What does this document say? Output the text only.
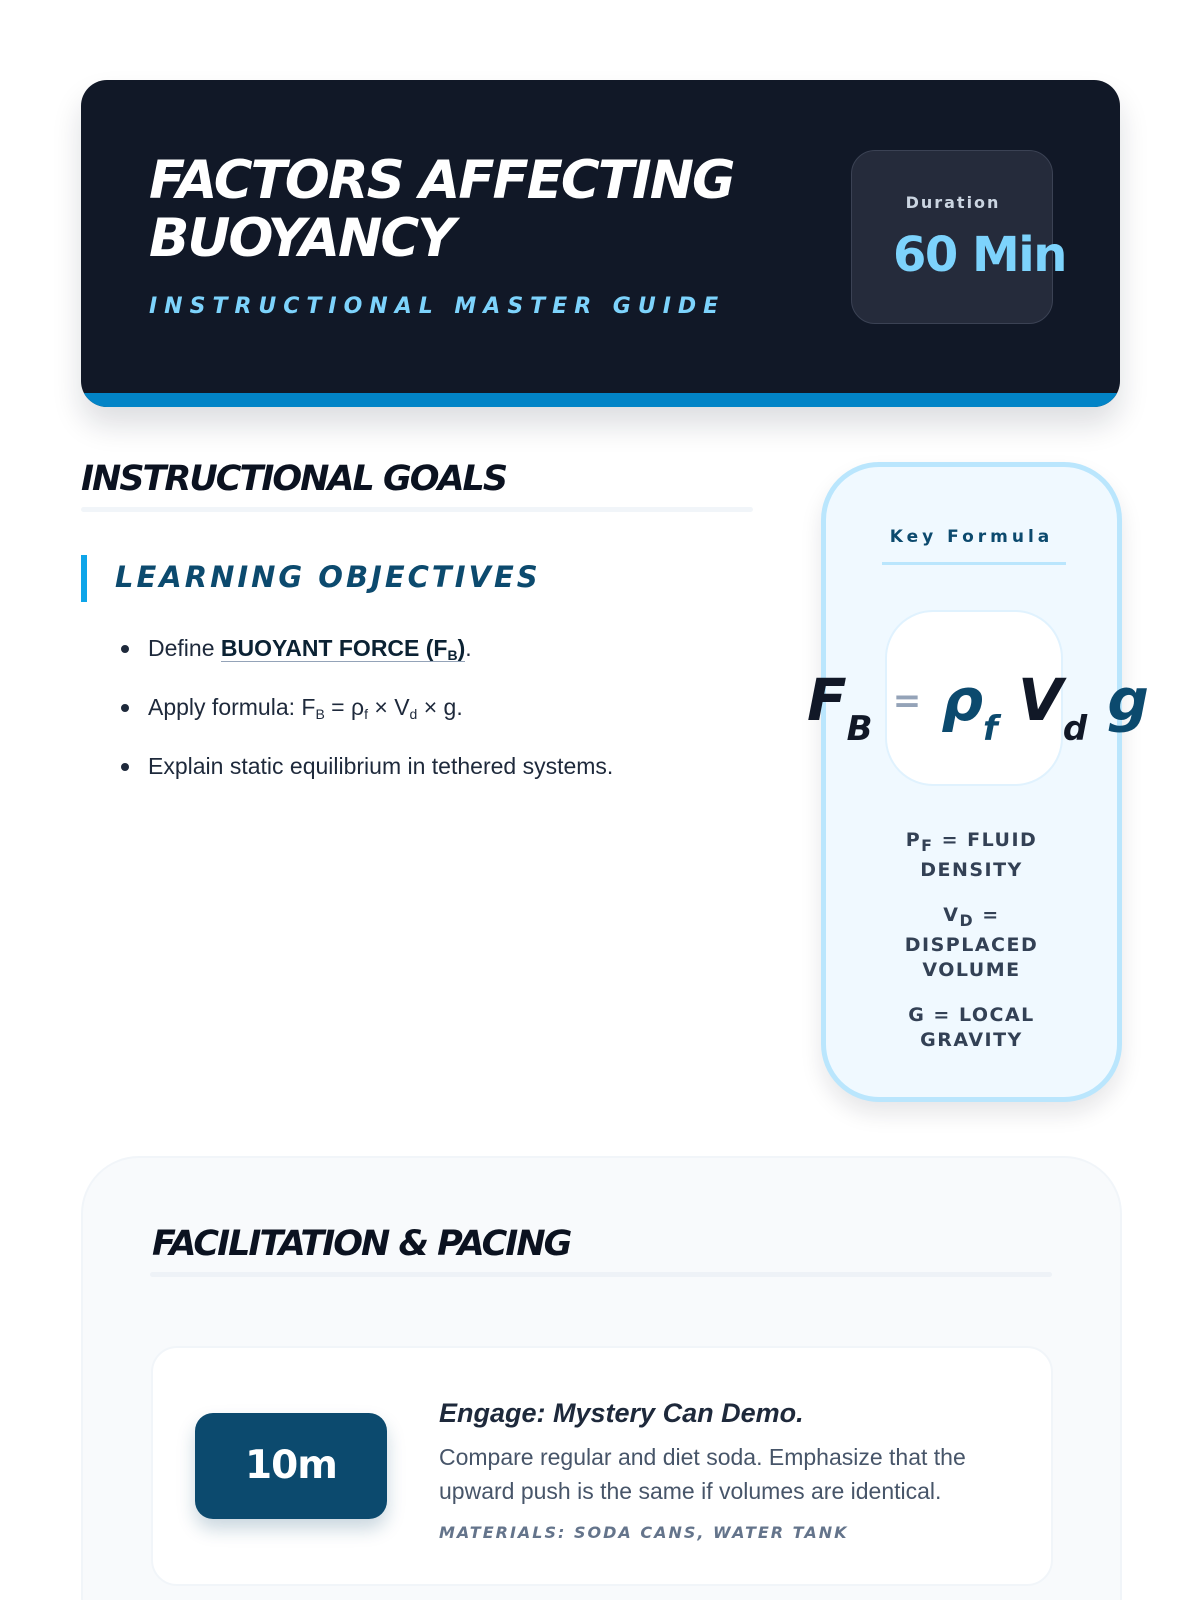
FACTORS AFFECTING BUOYANCY
INSTRUCTIONAL MASTER GUIDE
Duration
60 Min
INSTRUCTIONAL GOALS
LEARNING OBJECTIVES
Define BUOYANT FORCE $(F_B)$.
Apply formula: $F_B = \rho_f \times V_d \times g$.
Explain static equilibrium in tethered systems.
Key Formula
$P_F$ = FLUID DENSITY
$V_D$ = DISPLACED VOLUME
G = LOCAL GRAVITY
$F_B = \rho_f$ $V_d$ g
FACILITATION & PACING
10m
Engage: Mystery Can Demo.
Compare regular and diet soda. Emphasize that the upward push is the same if volumes are identical.
MATERIALS: SODA CANS, WATER TANK
